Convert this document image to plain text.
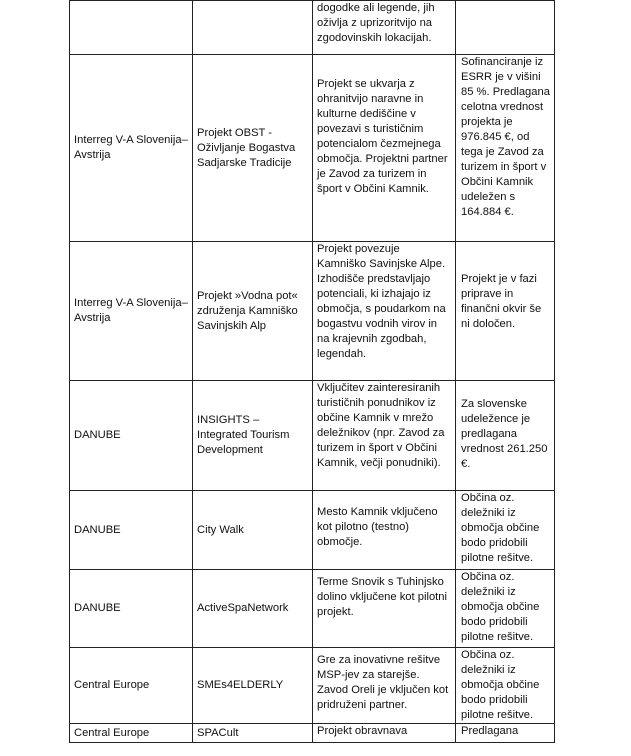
		dogodke ali legende, jih oživlja z uprizoritvijo na zgodovinskih lokacijah.	
Interreg V-A Slovenija–Avstrija	Projekt OBST - Oživljanje Bogastva Sadjarske Tradicije	Projekt se ukvarja z ohranitvijo naravne in kulturne dediščine v povezavi s turističnim potencialom čezmejnega območja. Projektni partner je Zavod za turizem in šport v Občini Kamnik.	Sofinanciranje iz ESRR je v višini 85 %. Predlagana celotna vrednost projekta je 976.845 €, od tega je Zavod za turizem in šport v Občini Kamnik udeležen s 164.884 €.
Interreg V-A Slovenija–Avstrija	Projekt »Vodna pot« združenja Kamniško Savinjskih Alp	Projekt povezuje Kamniško Savinjske Alpe. Izhodišče predstavljajo potenciali, ki izhajajo iz območja, s poudarkom na bogastvu vodnih virov in na krajevnih zgodbah, legendah.	Projekt je v fazi priprave in finančni okvir še ni določen.
DANUBE	INSIGHTS – Integrated Tourism Development	Vključitev zainteresiranih turističnih ponudnikov iz občine Kamnik v mrežo deležnikov (npr. Zavod za turizem in šport v Občini Kamnik, večji ponudniki).	Za slovenske udeležence je predlagana vrednost 261.250 €.
DANUBE	City Walk	Mesto Kamnik vključeno kot pilotno (testno) območje.	Občina oz. deležniki iz območja občine bodo pridobili pilotne rešitve.
DANUBE	ActiveSpaNetwork	Terme Snovik s Tuhinjsko dolino vključene kot pilotni projekt.	Občina oz. deležniki iz območja občine bodo pridobili pilotne rešitve.
Central Europe	SMEs4ELDERLY	Gre za inovativne rešitve MSP-jev za starejše. Zavod Oreli je vključen kot pridruženi partner.	Občina oz. deležniki iz območja občine bodo pridobili pilotne rešitve.
Central Europe	SPACult	Projekt obravnava	Predlagana
